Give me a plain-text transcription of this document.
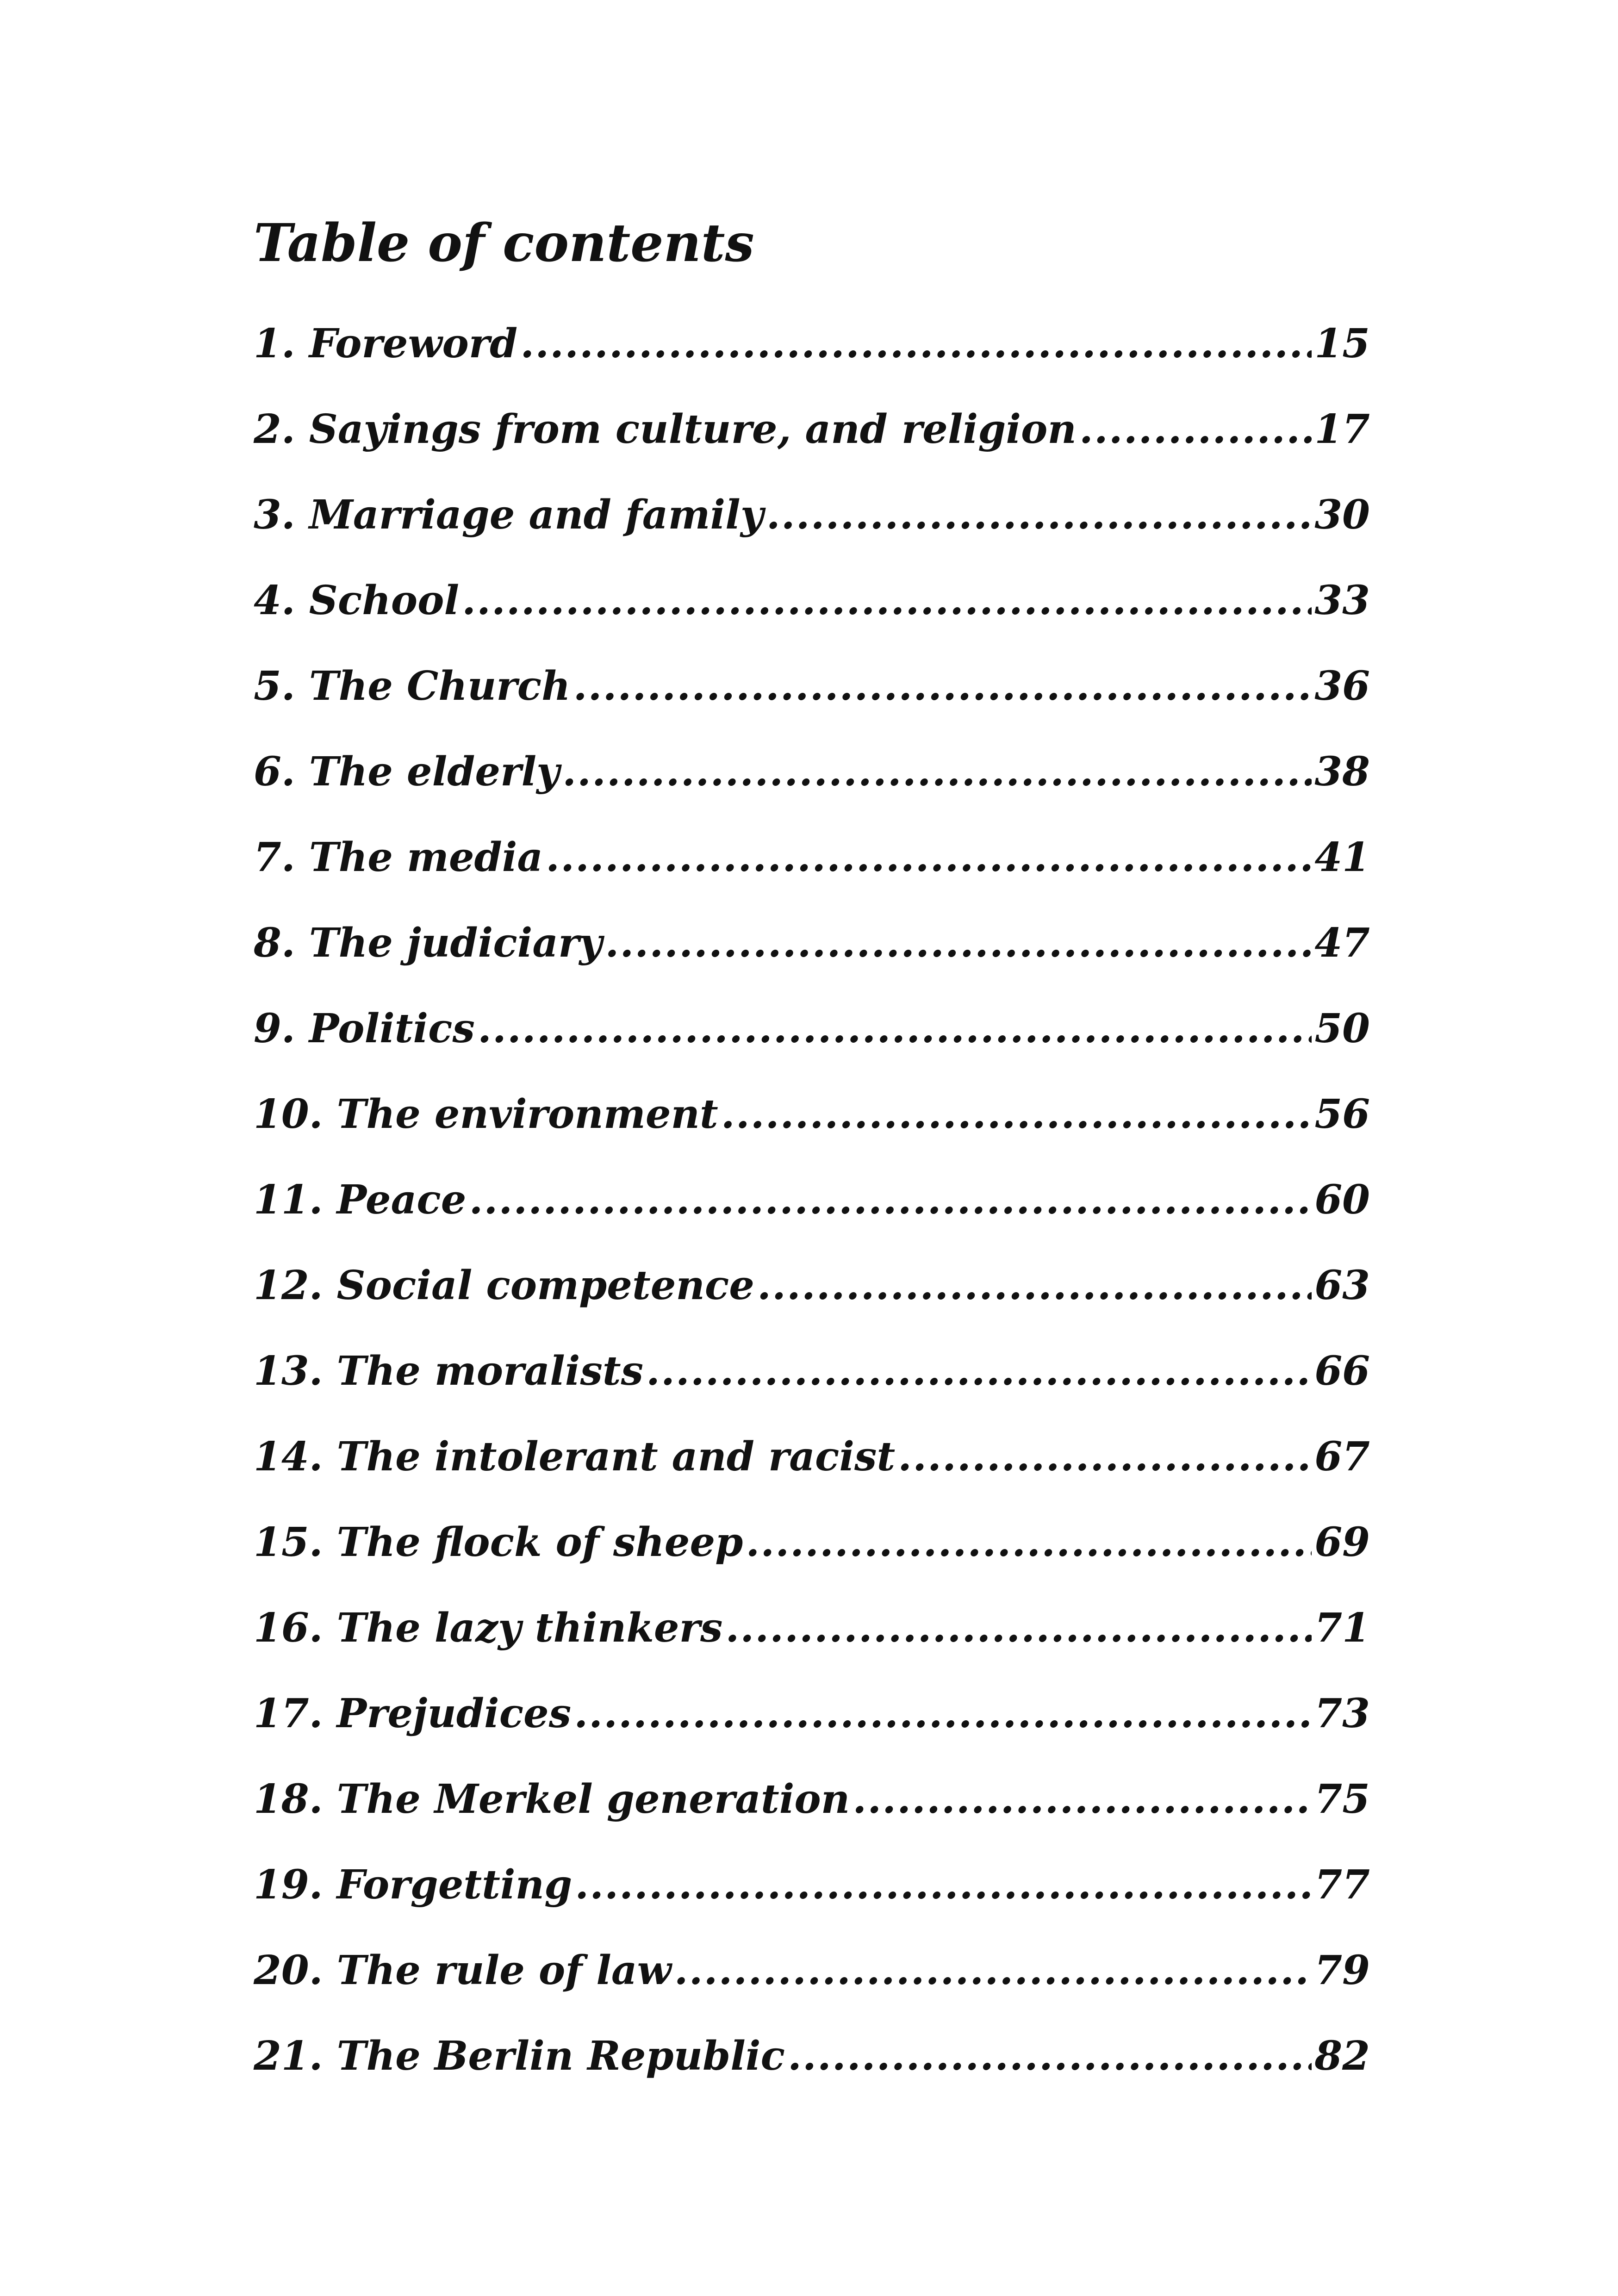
Table of contents
1. Foreword .....	15
2. Sayings from culture, and religion .....	17
3. Marriage and family .....	30
4. School .....	33
5. The Church .....	36
6. The elderly .....	38
7. The media .....	41
8. The judiciary .....	47
9. Politics .....	50
10. The environment .....	56
11. Peace .....	60
12. Social competence .....	63
13. The moralists .....	66
14. The intolerant and racist .....	67
15. The flock of sheep .....	69
16. The lazy thinkers .....	71
17. Prejudices .....	73
18. The Merkel generation .....	75
19. Forgetting .....	77
20. The rule of law .....	79
21. The Berlin Republic .....	82
